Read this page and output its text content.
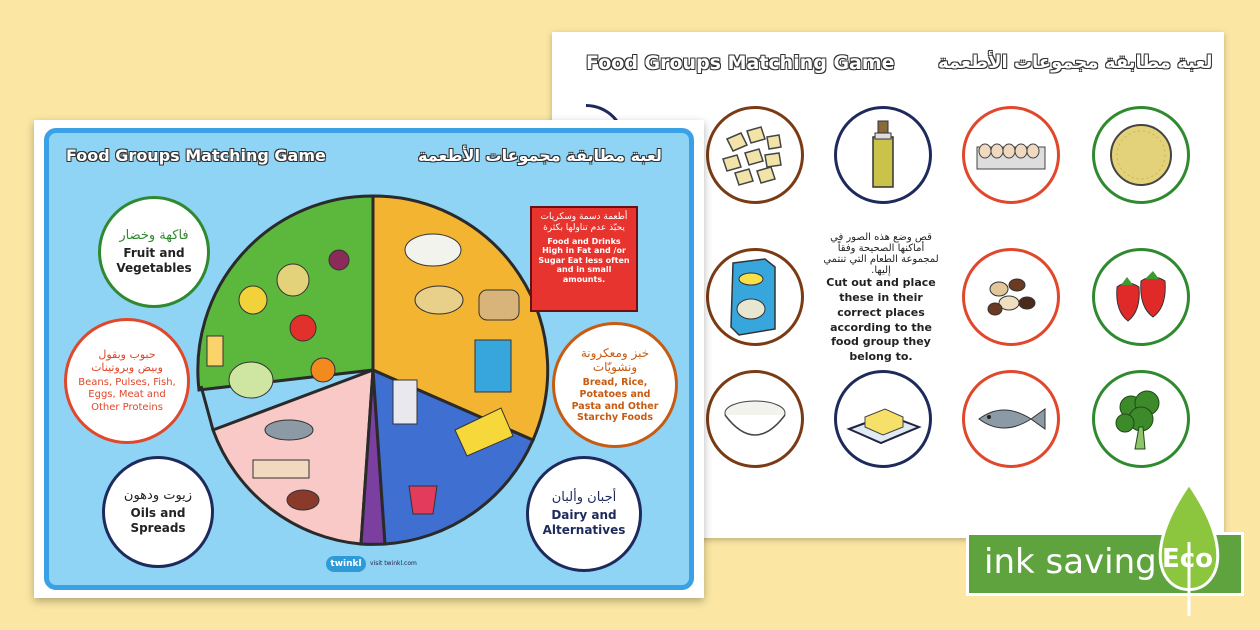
Food Groups Matching Game لعبة مطابقة مجموعات الأطعمة
قص وضع هذه الصور في أماكنها الصحيحة وفقاً لمجموعة الطعام التي تنتمي إليها.
Cut out and place these in their correct places according to the food group they belong to.
Food Groups Matching Game	لعبة مطابقة مجموعات الأطعمة
أطعمة دسمة وسكريات يحبّذ عدم تناولها بكثرة
Food and Drinks High in Fat and /or Sugar Eat less often and in small amounts.
فاكهة وخضار
Fruit and Vegetables
حبوب وبقول وبيض وبروتينات
Beans, Pulses, Fish, Eggs, Meat and Other Proteins
زيوت ودهون
Oils and Spreads
خبز ومعكرونة ونشويّات
Bread, Rice, Potatoes and Pasta and Other Starchy Foods
أجبان وألبان
Dairy and Alternatives
twinkl	visit twinkl.com	ink saving Eco
